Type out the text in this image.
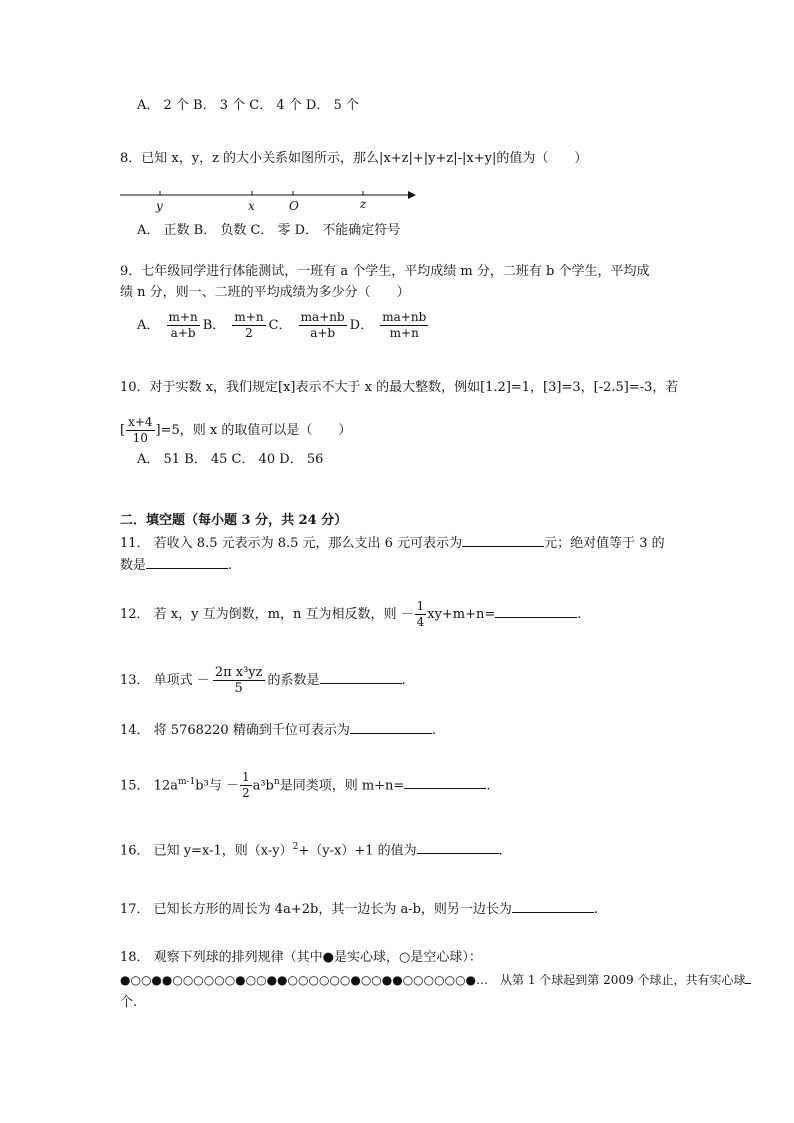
A． 2 个 B． 3 个 C． 4 个 D． 5 个
8．已知 x，y，z 的大小关系如图所示，那么|x+z|+|y+z|-|x+y|的值为（　　）
y	x	O	z
A． 正数 B． 负数 C． 零 D． 不能确定符号
9．七年级同学进行体能测试，一班有 a 个学生，平均成绩 m 分，二班有 b 个学生，平均成
绩 n 分，则一、二班的平均成绩为多少分（　　）
A． $\frac{m+n}{a+b}$ B． $\frac{m+n}{2}$ C． $\frac{ma+nb}{a+b}$ D． $\frac{ma+nb}{m+n}$
10．对于实数 x，我们规定[x]表示不大于 x 的最大整数，例如[1.2]=1，[3]=3，[-2.5]=-3，若
[ $\frac{x+4}{10} ]=5$，则 x 的取值可以是（　　）
A． 51 B． 45 C． 40 D． 56
二．填空题（每小题 3 分，共 24 分）
11． 若收入 8.5 元表示为 8.5 元，那么支出 6 元可表示为	元；绝对值等于 3 的
数是	.
12． 若 x，y 互为倒数，m，n 互为相反数，则 － $\frac{1}{4} xy+m+n=$	.
13． 单项式 － $\frac{\text{2π x³yz}}{5}$ 的系数是	.
14． 将 5768220 精确到千位可表示为	.
15． $12a^{m-1}b^3$与 － $\frac{1}{2} a^3b^n$是同类项，则 m+n=	.
16． 已知 y=x-1，则$(x-y)^2+(y-x)+1$ 的值为	.
17． 已知长方形的周长为 4a+2b，其一边长为 a-b，则另一边长为	.
18． 观察下列球的排列规律（其中●是实心球，○是空心球）：
●○○●●○○○○○○●○○●●○○○○○○●○○●●○○○○○○●… 从第 1 个球起到第 2009 个球止，共有实心球
个.
